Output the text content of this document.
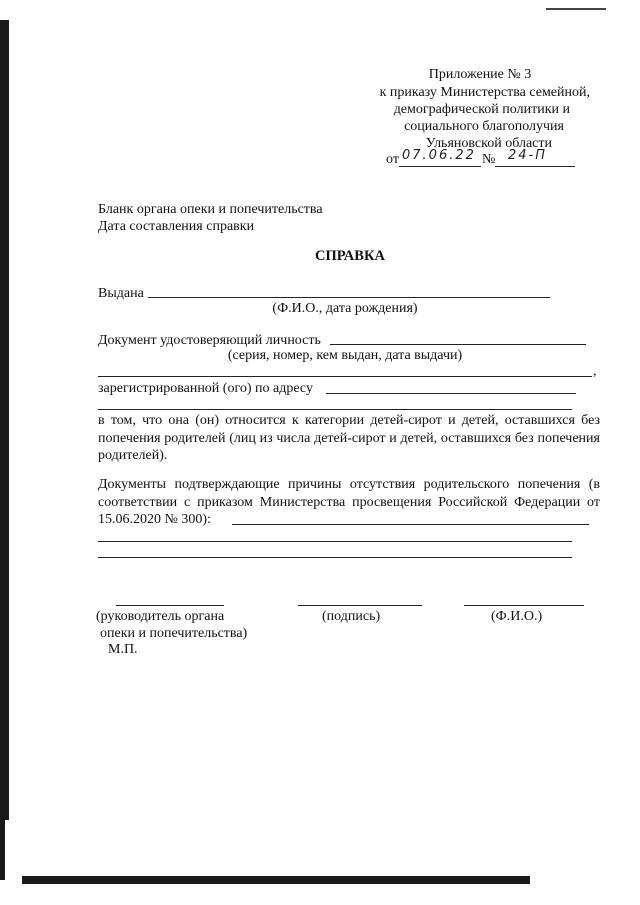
Приложение № 3
к приказу Министерства семейной,
демографической политики и
социального благополучия
Ульяновской области
от 07.06.22 № 24-П
Бланк органа опеки и попечительства
Дата составления справки
СПРАВКА
Выдана
(Ф.И.О., дата рождения)
Документ удостоверяющий личность
(серия, номер, кем выдан, дата выдачи)
,
зарегистрированной (ого) по адресу
в том, что она (он) относится к категории детей-сирот и детей, оставшихся без попечения родителей (лиц из числа детей-сирот и детей, оставшихся без попечения родителей).
Документы подтверждающие причины отсутствия родительского попечения (в соответствии с приказом Министерства просвещения Российской Федерации от 15.06.2020 № 300):
(руководитель органа
опеки и попечительства)
(подпись)	(Ф.И.О.)
М.П.
